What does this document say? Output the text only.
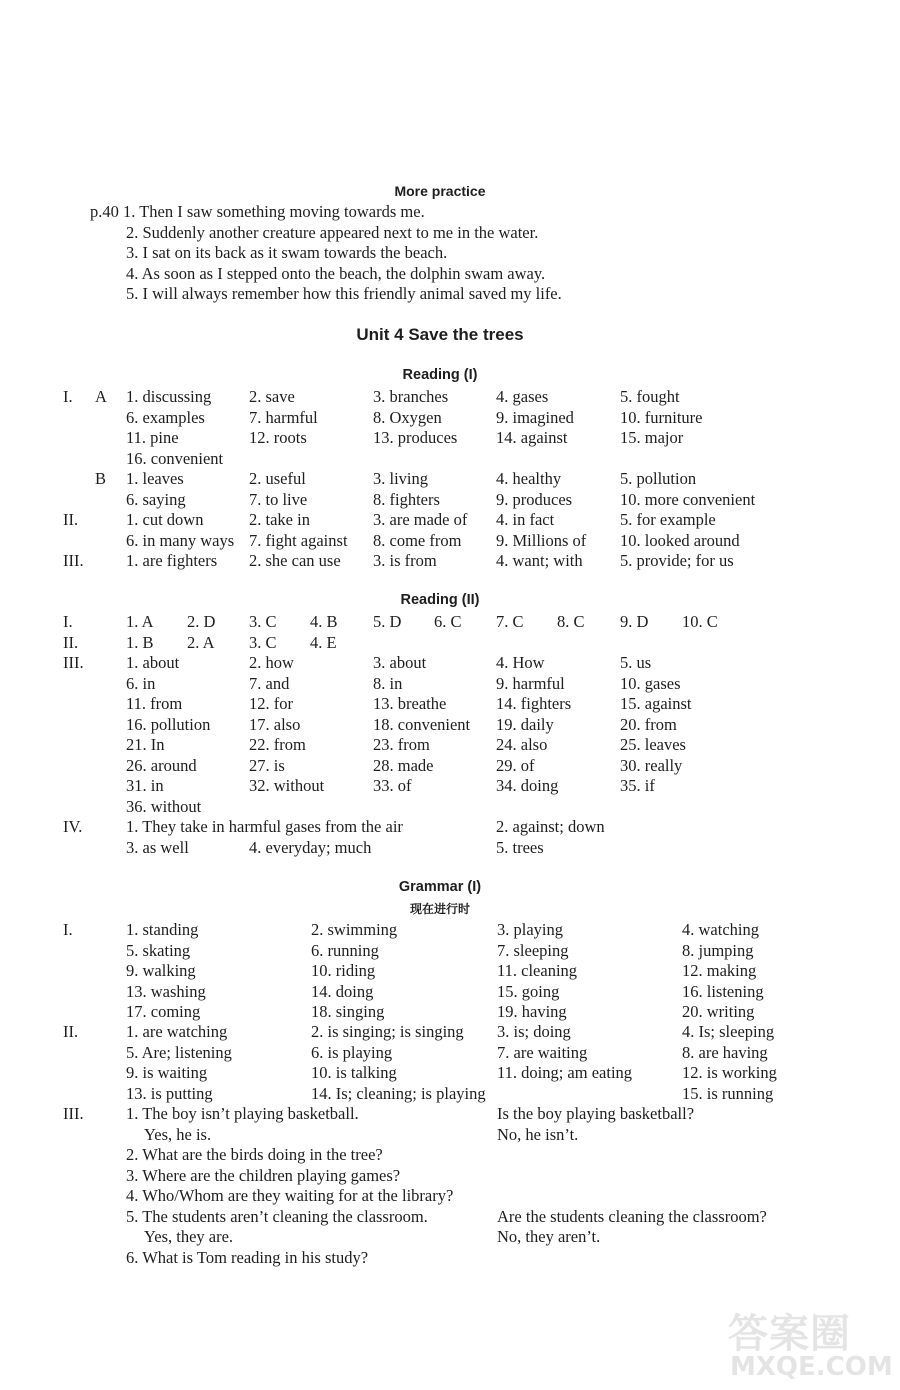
More practice
p.40 1. Then I saw something moving towards me.
2. Suddenly another creature appeared next to me in the water.
3. I sat on its back as it swam towards the beach.
4. As soon as I stepped onto the beach, the dolphin swam away.
5. I will always remember how this friendly animal saved my life.
Unit 4 Save the trees
Reading (I)
I. A 1. discussing 2. save	3. branches	4. gases	5. fought
6. examples	7. harmful	8. Oxygen	9. imagined	10. furniture
11. pine	12. roots	13. produces 14. against	15. major
16. convenient
B 1. leaves	2. useful	3. living	4. healthy	5. pollution
6. saying	7. to live	8. fighters	9. produces	10. more convenient
II.	1. cut down	2. take in	3. are made of 4. in fact	5. for example
6. in many ways 7. fight against 8. come from 9. Millions of 10. looked around
III.	1. are fighters 2. she can use 3. is from	4. want; with 5. provide; for us
Reading (II)
I.	1. A 2. D 3. C 4. B 5. D 6. C 7. C 8. C 9. D 10. C
II.	1. B 2. A 3. C 4. E
III.	1. about	2. how	3. about	4. How	5. us
6. in	7. and	8. in	9. harmful	10. gases
11. from	12. for	13. breathe	14. fighters	15. against
16. pollution 17. also	18. convenient 19. daily	20. from
21. In	22. from	23. from	24. also	25. leaves
26. around	27. is	28. made	29. of	30. really
31. in	32. without	33. of	34. doing	35. if
36. without
IV.	1. They take in harmful gases from the air	2. against; down
3. as well	4. everyday; much	5. trees
Grammar (I)
现在进行时
I.	1. standing	2. swimming	3. playing	4. watching
5. skating	6. running	7. sleeping	8. jumping
9. walking	10. riding	11. cleaning	12. making
13. washing	14. doing	15. going	16. listening
17. coming	18. singing	19. having	20. writing
II.	1. are watching	2. is singing; is singing 3. is; doing	4. Is; sleeping
5. Are; listening	6. is playing	7. are waiting	8. are having
9. is waiting	10. is talking	11. doing; am eating	12. is working
13. is putting	14. Is; cleaning; is playing	15. is running
III.	1. The boy isn’t playing basketball.	Is the boy playing basketball?
Yes, he is.	No, he isn’t.
2. What are the birds doing in the tree?
3. Where are the children playing games?
4. Who/Whom are they waiting for at the library?
5. The students aren’t cleaning the classroom.	Are the students cleaning the classroom?
Yes, they are.	No, they aren’t.
6. What is Tom reading in his study?
答案圈
MXQE.COM
